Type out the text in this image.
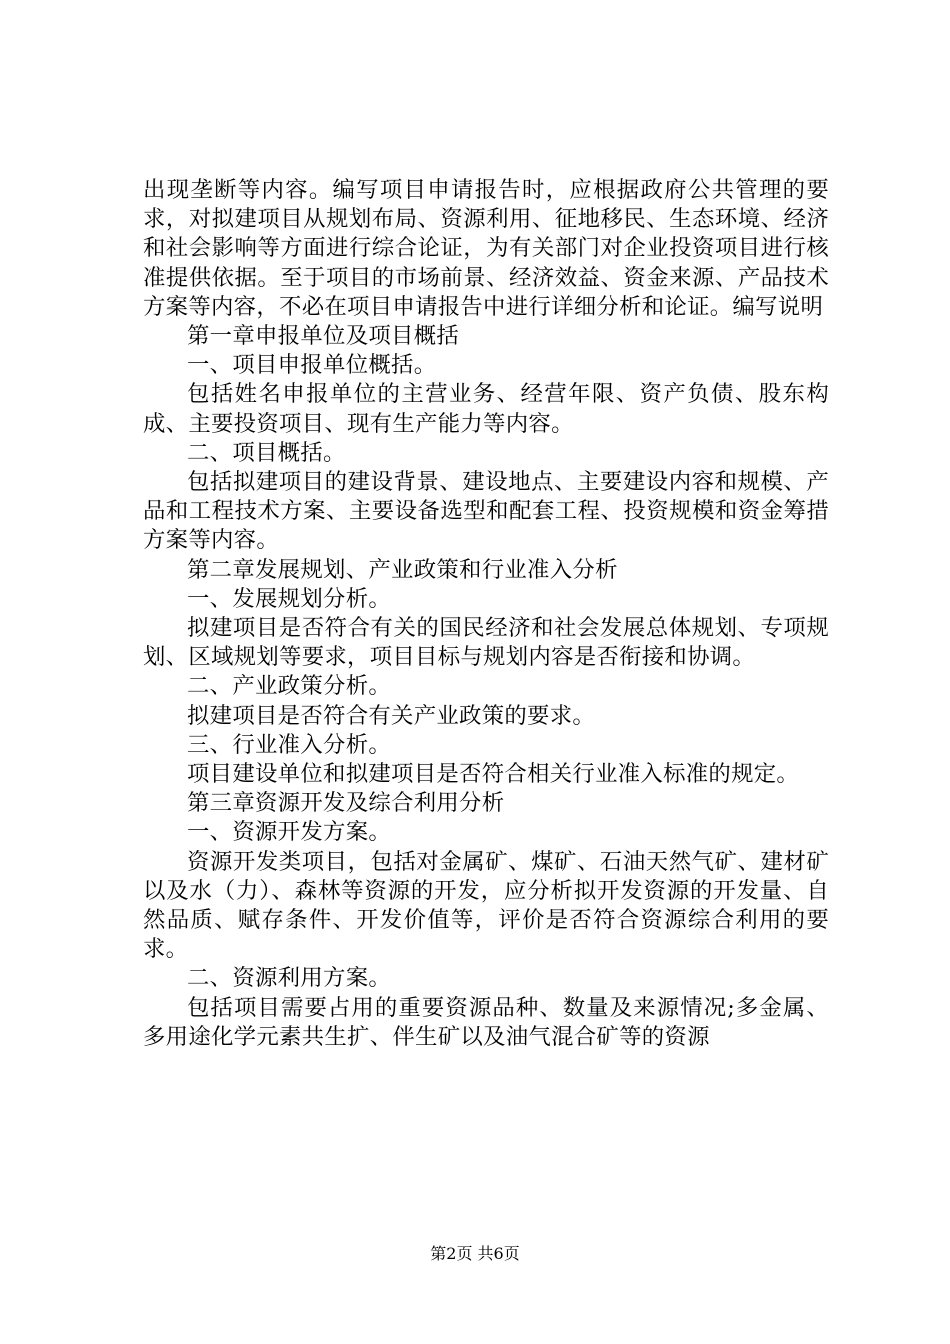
出现垄断等内容。编写项目申请报告时，应根据政府公共管理的要求，对拟建项目从规划布局、资源利用、征地移民、生态环境、经济和社会影响等方面进行综合论证，为有关部门对企业投资项目进行核准提供依据。至于项目的市场前景、经济效益、资金来源、产品技术方案等内容，不必在项目申请报告中进行详细分析和论证。编写说明

第一章申报单位及项目概括

一、项目申报单位概括。

包括姓名申报单位的主营业务、经营年限、资产负债、股东构成、主要投资项目、现有生产能力等内容。

二、项目概括。

包括拟建项目的建设背景、建设地点、主要建设内容和规模、产品和工程技术方案、主要设备选型和配套工程、投资规模和资金筹措方案等内容。

第二章发展规划、产业政策和行业准入分析

一、发展规划分析。

拟建项目是否符合有关的国民经济和社会发展总体规划、专项规划、区域规划等要求，项目目标与规划内容是否衔接和协调。

二、产业政策分析。

拟建项目是否符合有关产业政策的要求。

三、行业准入分析。

项目建设单位和拟建项目是否符合相关行业准入标准的规定。

第三章资源开发及综合利用分析

一、资源开发方案。

资源开发类项目，包括对金属矿、煤矿、石油天然气矿、建材矿以及水（力）、森林等资源的开发，应分析拟开发资源的开发量、自然品质、赋存条件、开发价值等，评价是否符合资源综合利用的要求。

二、资源利用方案。

包括项目需要占用的重要资源品种、数量及来源情况;多金属、多用途化学元素共生扩、伴生矿以及油气混合矿等的资源

第2页 共6页
